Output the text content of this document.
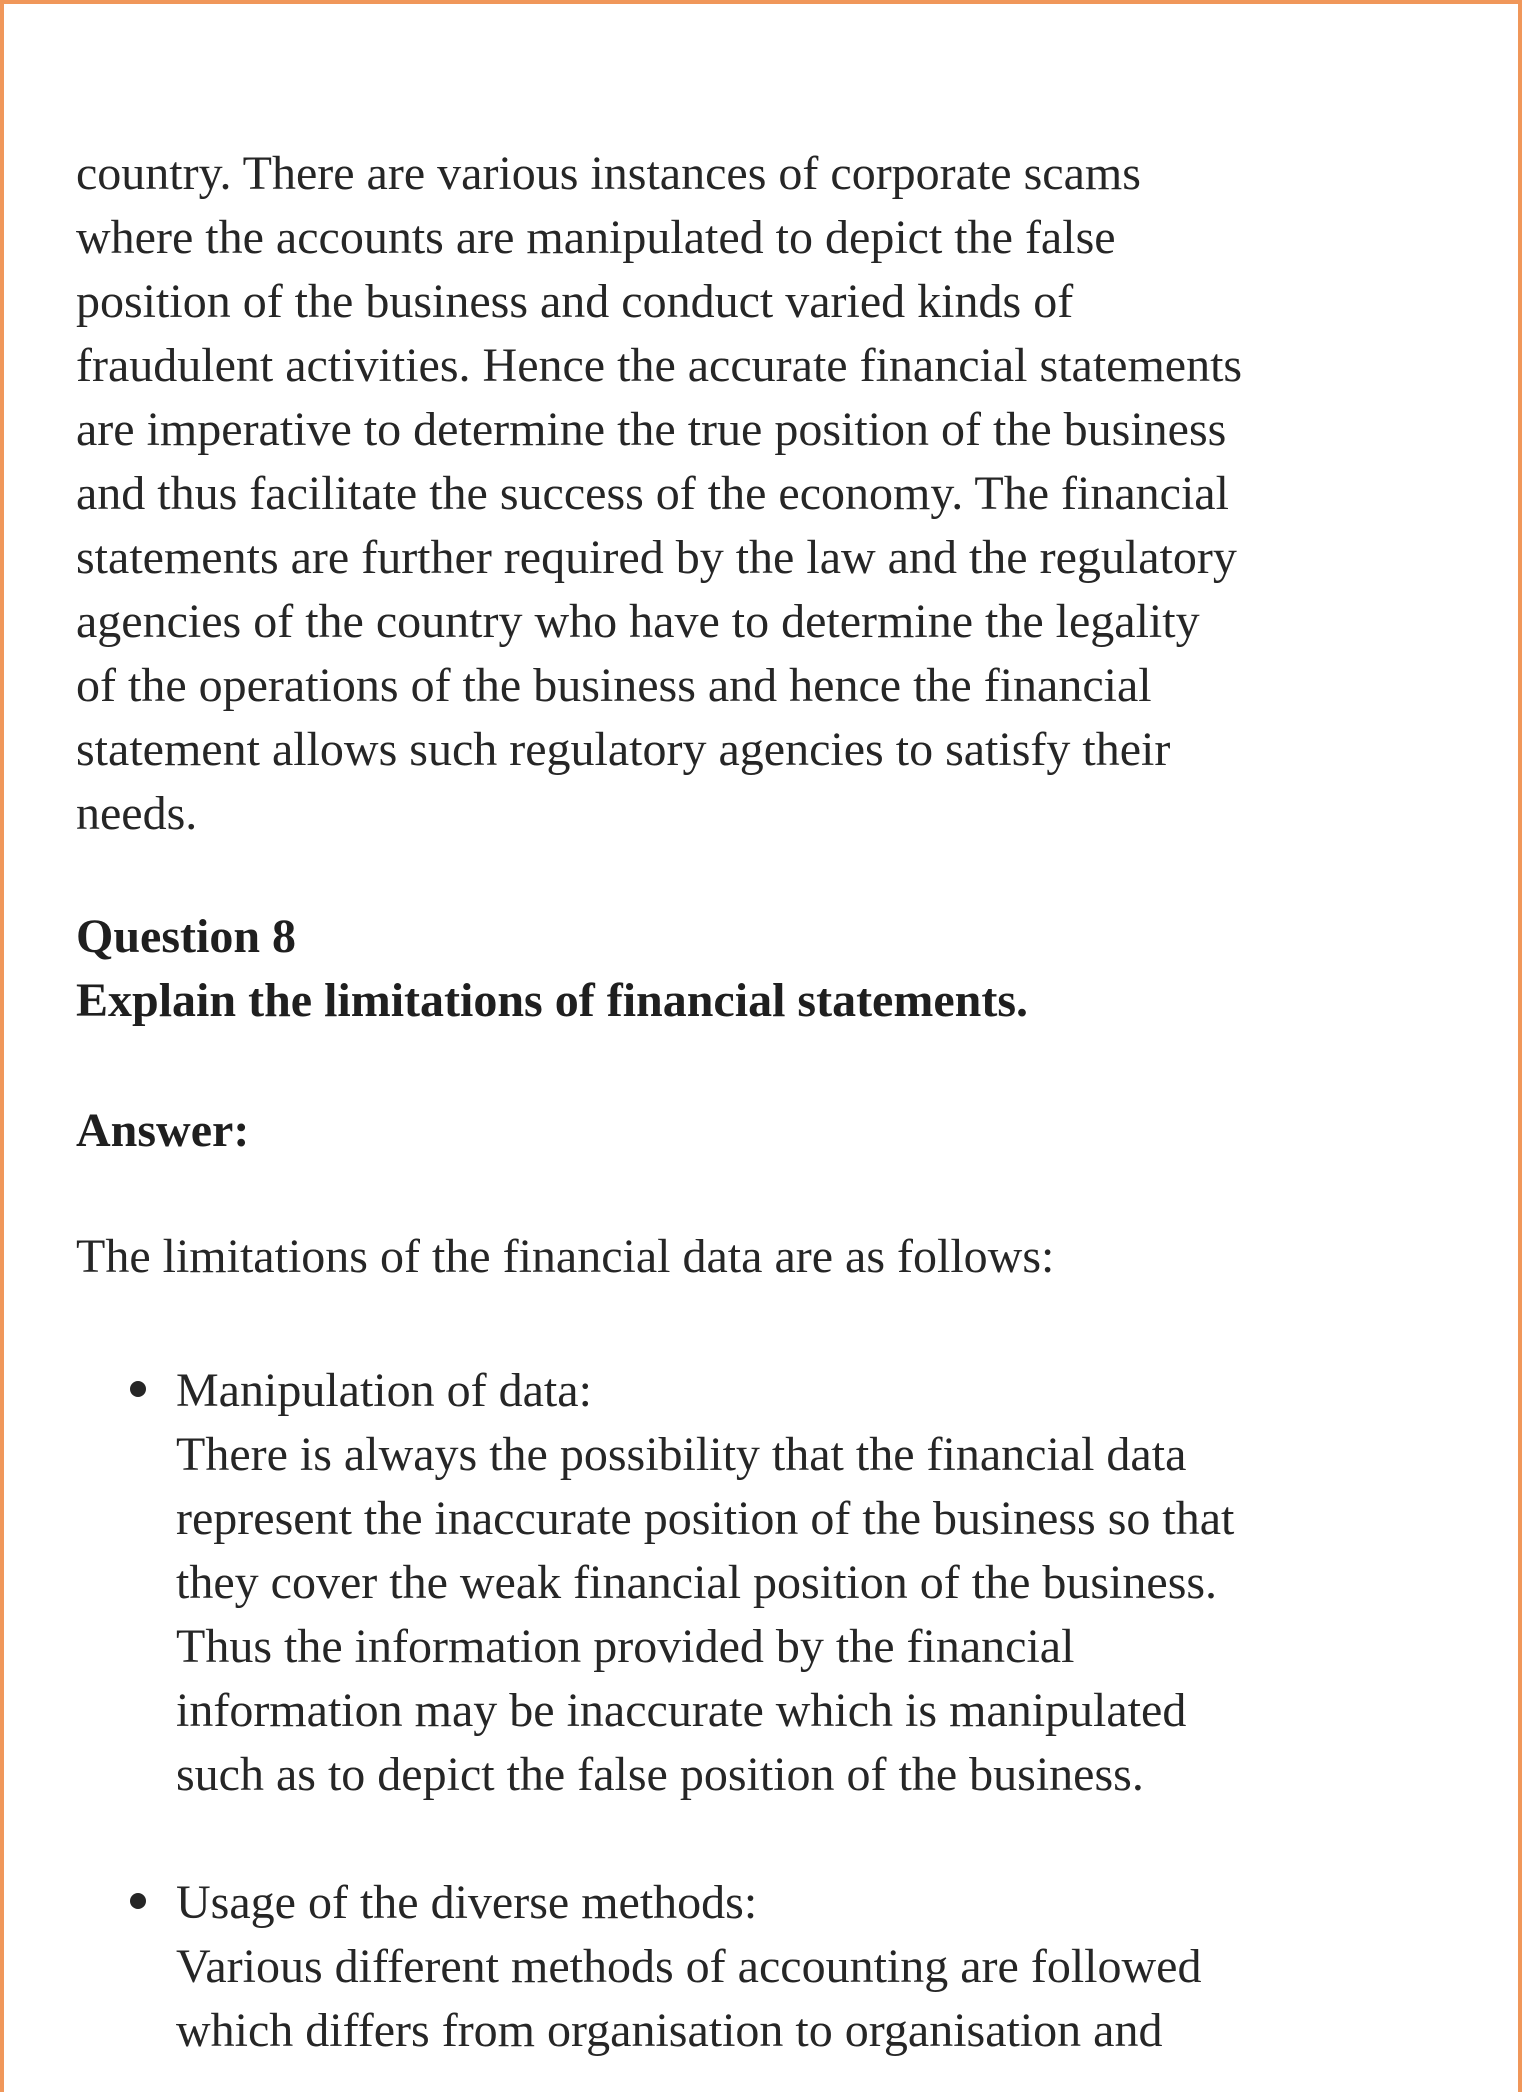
country. There are various instances of corporate scams
where the accounts are manipulated to depict the false
position of the business and conduct varied kinds of
fraudulent activities. Hence the accurate financial statements
are imperative to determine the true position of the business
and thus facilitate the success of the economy. The financial
statements are further required by the law and the regulatory
agencies of the country who have to determine the legality
of the operations of the business and hence the financial
statement allows such regulatory agencies to satisfy their
needs.
Question 8
Explain the limitations of financial statements.
Answer:
The limitations of the financial data are as follows:
Manipulation of data:
There is always the possibility that the financial data
represent the inaccurate position of the business so that
they cover the weak financial position of the business.
Thus the information provided by the financial
information may be inaccurate which is manipulated
such as to depict the false position of the business.
Usage of the diverse methods:
Various different methods of accounting are followed
which differs from organisation to organisation and
